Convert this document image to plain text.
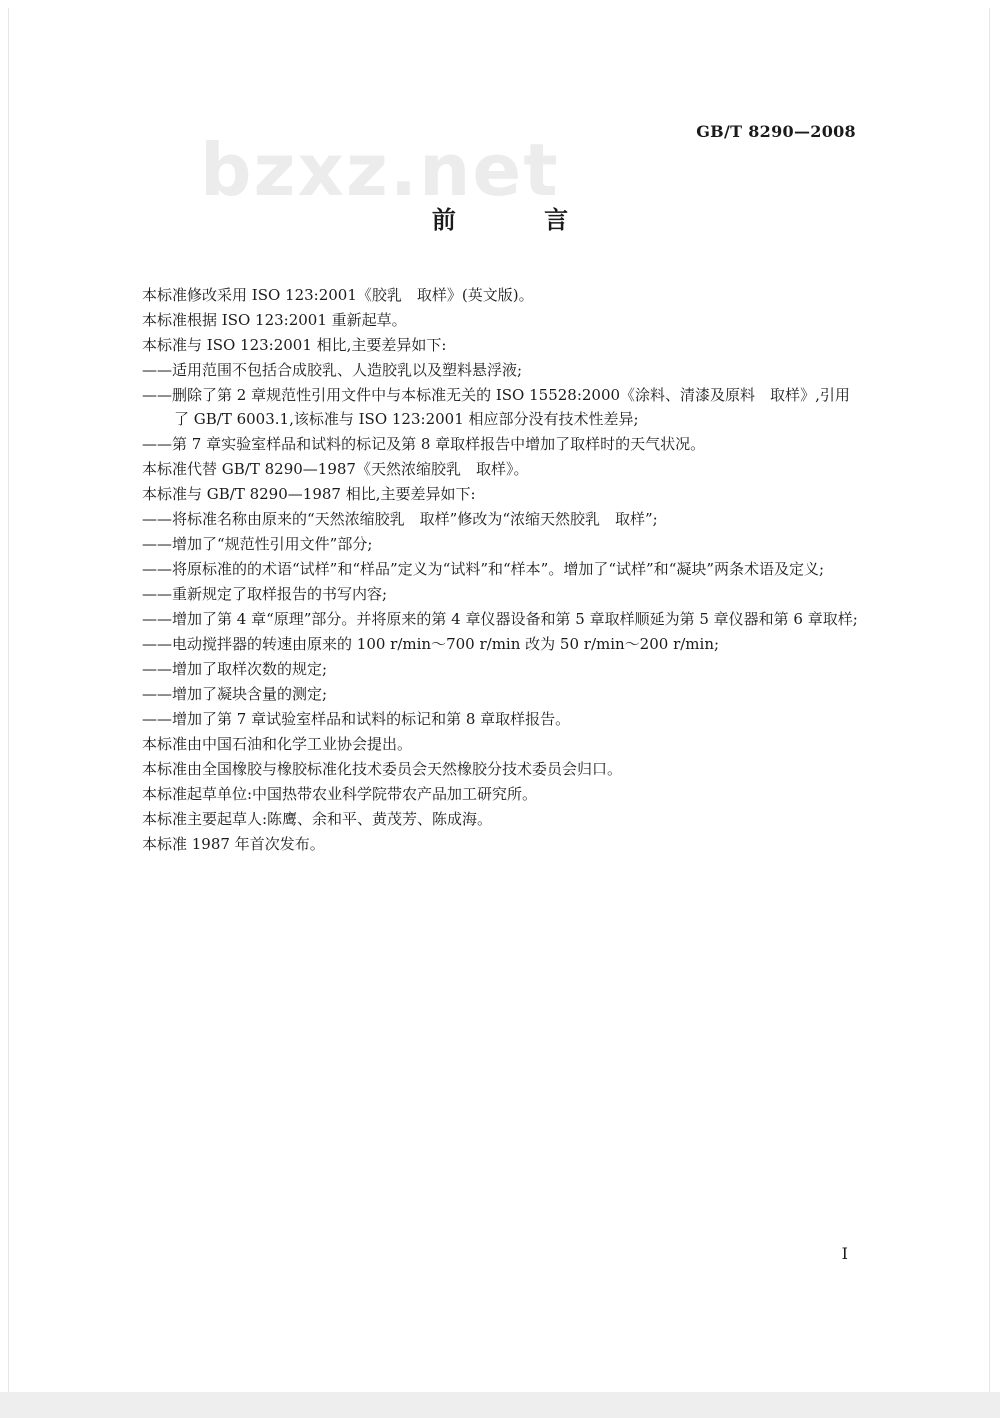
GB/T 8290—2008
bzxz.net
前 言

本标准修改采用 ISO 123:2001《胶乳　取样》(英文版)。

本标准根据 ISO 123:2001 重新起草。

本标准与 ISO 123:2001 相比,主要差异如下:

——适用范围不包括合成胶乳、人造胶乳以及塑料悬浮液;

——删除了第 2 章规范性引用文件中与本标准无关的 ISO 15528:2000《涂料、清漆及原料　取样》,引用了 GB/T 6003.1,该标准与 ISO 123:2001 相应部分没有技术性差异;

——第 7 章实验室样品和试料的标记及第 8 章取样报告中增加了取样时的天气状况。

本标准代替 GB/T 8290—1987《天然浓缩胶乳　取样》。

本标准与 GB/T 8290—1987 相比,主要差异如下:

——将标准名称由原来的“天然浓缩胶乳　取样”修改为“浓缩天然胶乳　取样”;

——增加了“规范性引用文件”部分;

——将原标准的的术语“试样”和“样品”定义为“试料”和“样本”。增加了“试样”和“凝块”两条术语及定义;

——重新规定了取样报告的书写内容;

——增加了第 4 章“原理”部分。并将原来的第 4 章仪器设备和第 5 章取样顺延为第 5 章仪器和第 6 章取样;

——电动搅拌器的转速由原来的 100 r/min～700 r/min 改为 50 r/min～200 r/min;

——增加了取样次数的规定;

——增加了凝块含量的测定;

——增加了第 7 章试验室样品和试料的标记和第 8 章取样报告。

本标准由中国石油和化学工业协会提出。

本标准由全国橡胶与橡胶标准化技术委员会天然橡胶分技术委员会归口。

本标准起草单位:中国热带农业科学院带农产品加工研究所。

本标准主要起草人:陈鹰、余和平、黄茂芳、陈成海。

本标准 1987 年首次发布。

I
